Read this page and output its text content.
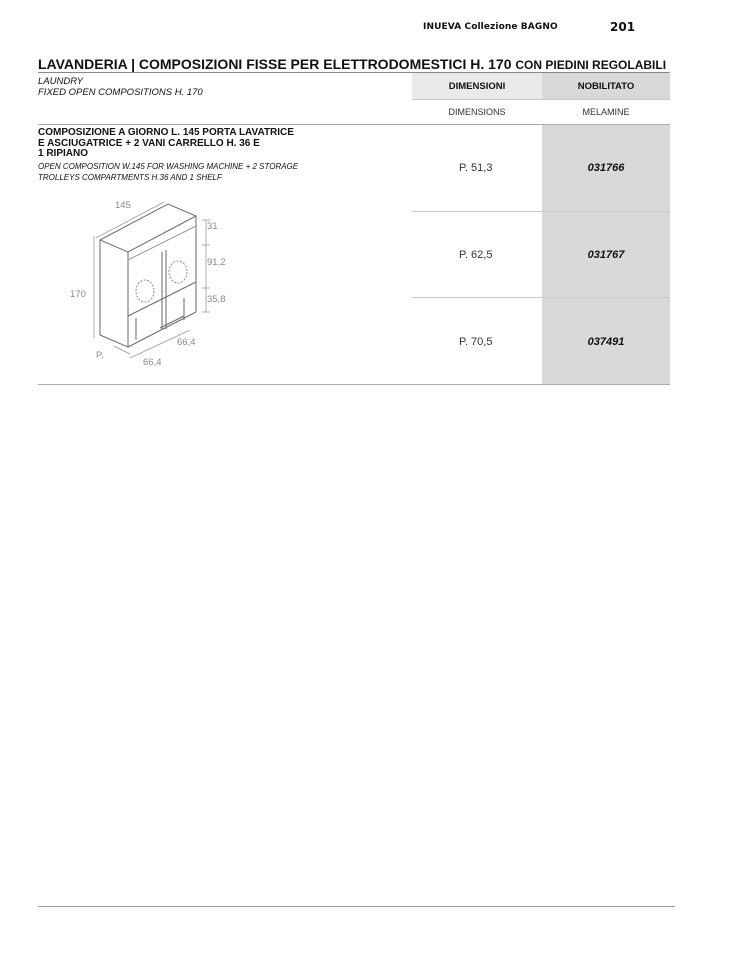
INUEVA Collezione BAGNO	201
LAVANDERIA | COMPOSIZIONI FISSE PER ELETTRODOMESTICI H. 170 CON PIEDINI REGOLABILI
LAUNDRY
FIXED OPEN COMPOSITIONS H. 170
DIMENSIONI	NOBILITATO
DIMENSIONS	MELAMINE
COMPOSIZIONE A GIORNO L. 145 PORTA LAVATRICE
E ASCIUGATRICE + 2 VANI CARRELLO H. 36 E
1 RIPIANO
OPEN COMPOSITION W.145 FOR WASHING MACHINE + 2 STORAGE
TROLLEYS COMPARTMENTS H.36 AND 1 SHELF
P. 51,3	031766
P. 62,5	031767
P. 70,5	037491
145
170
31
91,2
35,8
66,4
66,4
P.
